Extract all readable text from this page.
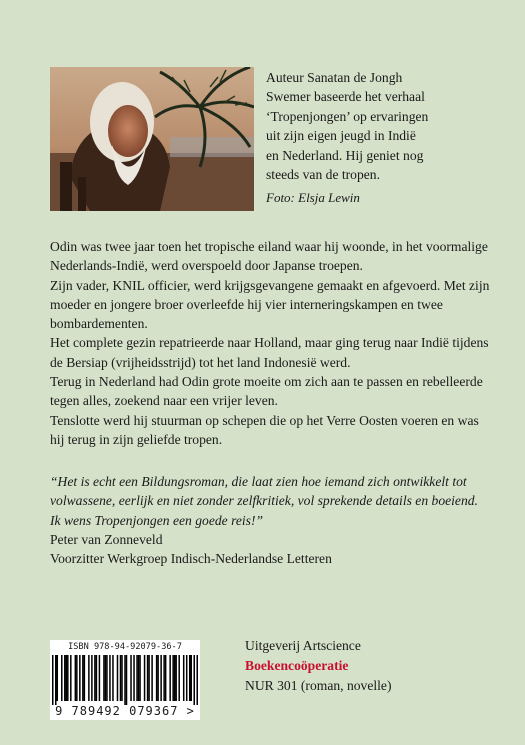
Auteur Sanatan de Jongh
Swemer baseerde het verhaal
‘Tropenjongen’ op ervaringen
uit zijn eigen jeugd in Indië
en Nederland. Hij geniet nog
steeds van de tropen.
Foto: Elsja Lewin

Odin was twee jaar toen het tropische eiland waar hij woonde, in het voormalige Nederlands-Indië, werd overspoeld door Japanse troepen.

Zijn vader, KNIL officier, werd krijgsgevangene gemaakt en afgevoerd. Met zijn moeder en jongere broer overleefde hij vier interneringskampen en twee bombardementen.

Het complete gezin repatrieerde naar Holland, maar ging terug naar Indië tijdens de Bersiap (vrijheidsstrijd) tot het land Indonesië werd.

Terug in Nederland had Odin grote moeite om zich aan te passen en rebelleerde tegen alles, zoekend naar een vrijer leven.

Tenslotte werd hij stuurman op schepen die op het Verre Oosten voeren en was hij terug in zijn geliefde tropen.

“Het is echt een Bildungsroman, die laat zien hoe iemand zich ontwikkelt tot volwassene, eerlijk en niet zonder zelfkritiek, vol sprekende details en boeiend.

Ik wens Tropenjongen een goede reis!”

Peter van Zonneveld

Voorzitter Werkgroep Indisch-Nederlandse Letteren

ISBN 978-94-92079-36-7
9 789492 079367 >
Uitgeverij Artscience
Boekencoöperatie
NUR 301 (roman, novelle)
